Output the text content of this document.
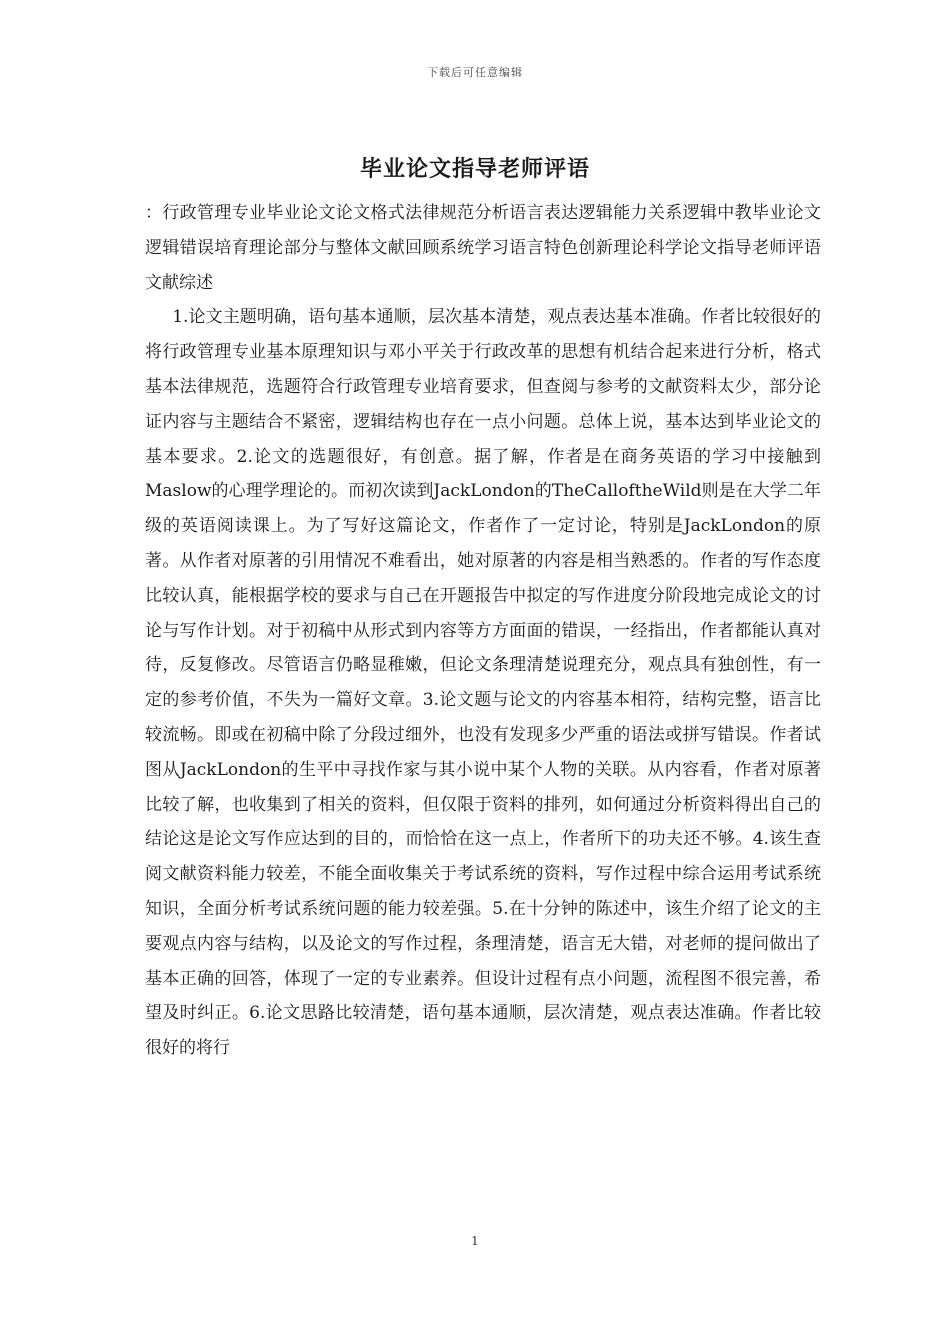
下载后可任意编辑
毕业论文指导老师评语

：行政管理专业毕业论文论文格式法律规范分析语言表达逻辑能力关系逻辑中教毕业论文逻辑错误培育理论部分与整体文献回顾系统学习语言特色创新理论科学论文指导老师评语文献综述

1.论文主题明确，语句基本通顺，层次基本清楚，观点表达基本准确。作者比较很好的将行政管理专业基本原理知识与邓小平关于行政改革的思想有机结合起来进行分析，格式基本法律规范，选题符合行政管理专业培育要求，但查阅与参考的文献资料太少，部分论证内容与主题结合不紧密，逻辑结构也存在一点小问题。总体上说，基本达到毕业论文的基本要求。2.论文的选题很好，有创意。据了解，作者是在商务英语的学习中接触到Maslow的心理学理论的。而初次读到JackLondon的TheCalloftheWild则是在大学二年级的英语阅读课上。为了写好这篇论文，作者作了一定讨论，特别是JackLondon的原著。从作者对原著的引用情况不难看出，她对原著的内容是相当熟悉的。作者的写作态度比较认真，能根据学校的要求与自己在开题报告中拟定的写作进度分阶段地完成论文的讨论与写作计划。对于初稿中从形式到内容等方方面面的错误，一经指出，作者都能认真对待，反复修改。尽管语言仍略显稚嫩，但论文条理清楚说理充分，观点具有独创性，有一定的参考价值，不失为一篇好文章。3.论文题与论文的内容基本相符，结构完整，语言比较流畅。即或在初稿中除了分段过细外，也没有发现多少严重的语法或拼写错误。作者试图从JackLondon的生平中寻找作家与其小说中某个人物的关联。从内容看，作者对原著比较了解，也收集到了相关的资料，但仅限于资料的排列，如何通过分析资料得出自己的结论这是论文写作应达到的目的，而恰恰在这一点上，作者所下的功夫还不够。4.该生查阅文献资料能力较差，不能全面收集关于考试系统的资料，写作过程中综合运用考试系统知识，全面分析考试系统问题的能力较差强。5.在十分钟的陈述中，该生介绍了论文的主要观点内容与结构，以及论文的写作过程，条理清楚，语言无大错，对老师的提问做出了基本正确的回答，体现了一定的专业素养。但设计过程有点小问题，流程图不很完善，希望及时纠正。6.论文思路比较清楚，语句基本通顺，层次清楚，观点表达准确。作者比较很好的将行

1
